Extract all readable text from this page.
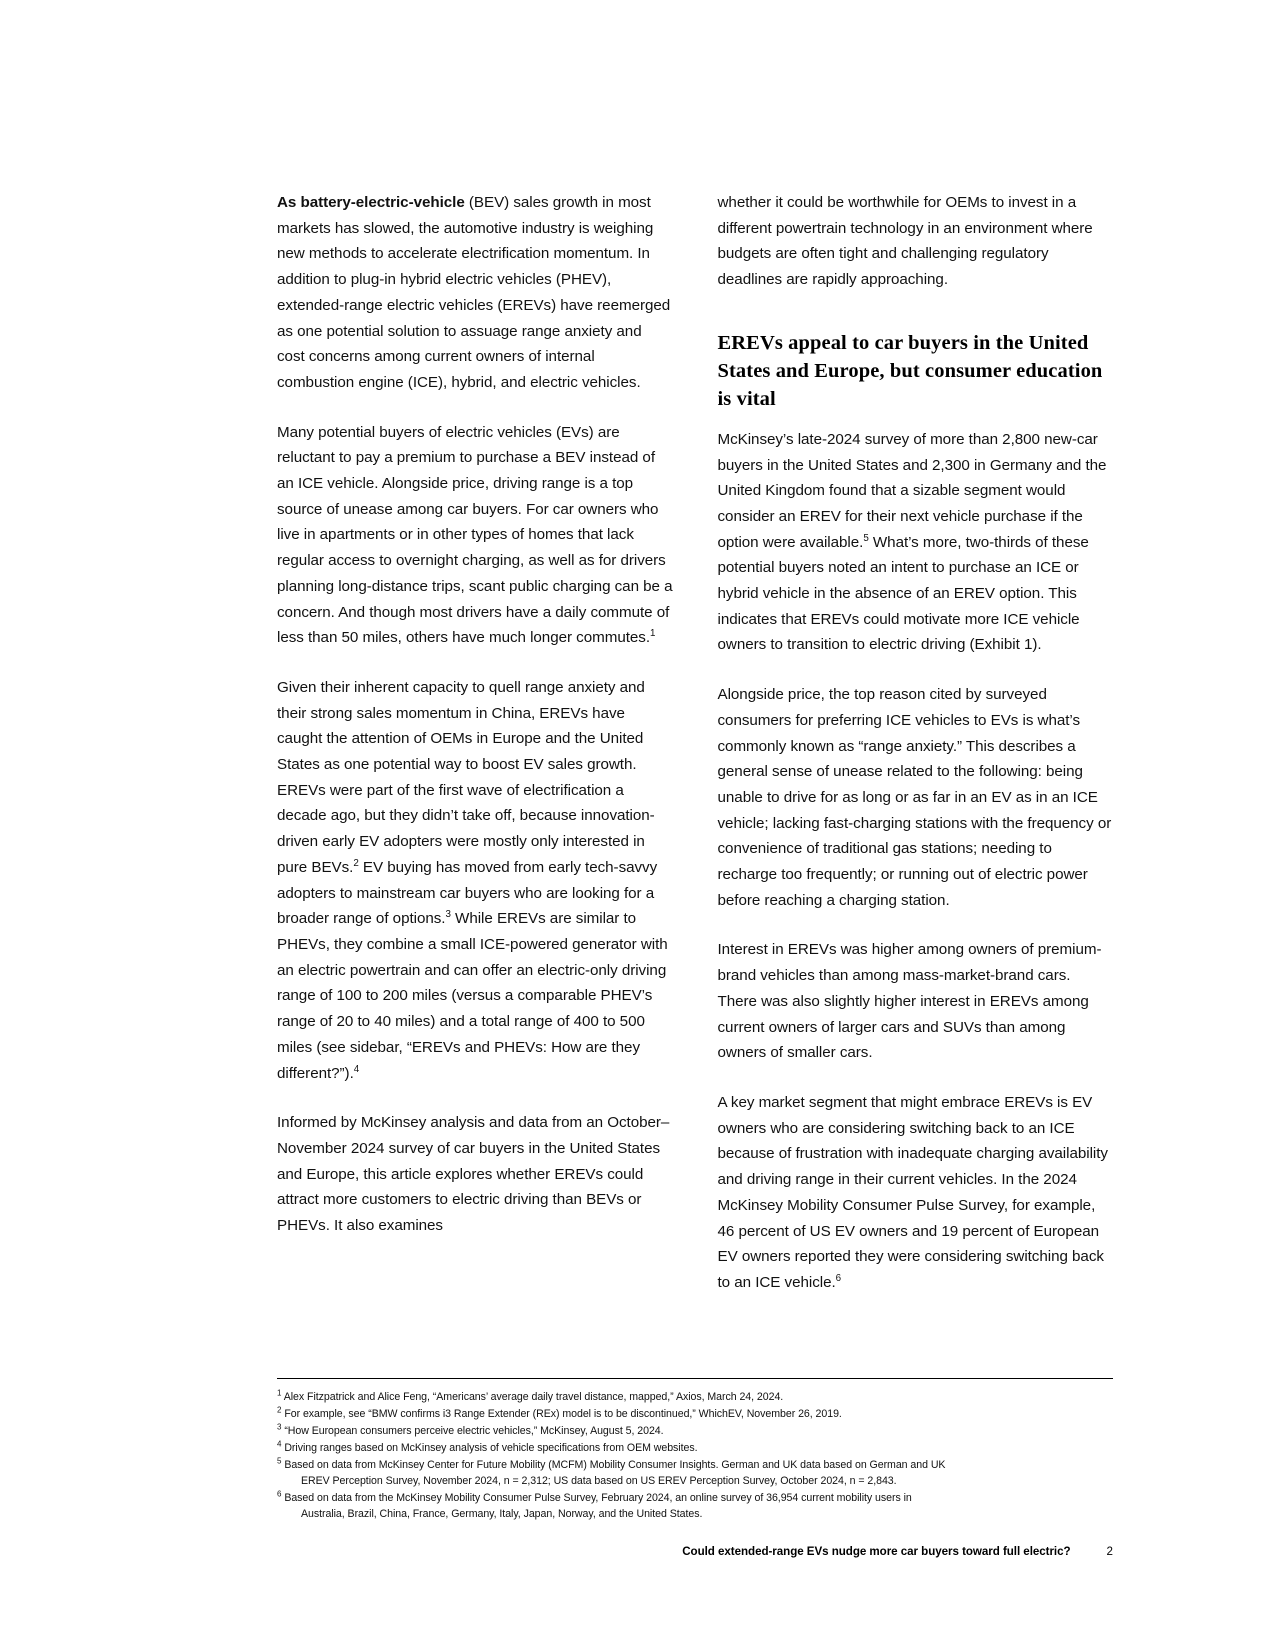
As battery-electric-vehicle (BEV) sales growth in most markets has slowed, the automotive industry is weighing new methods to accelerate electrification momentum. In addition to plug-in hybrid electric vehicles (PHEV), extended-range electric vehicles (EREVs) have reemerged as one potential solution to assuage range anxiety and cost concerns among current owners of internal combustion engine (ICE), hybrid, and electric vehicles.

Many potential buyers of electric vehicles (EVs) are reluctant to pay a premium to purchase a BEV instead of an ICE vehicle. Alongside price, driving range is a top source of unease among car buyers. For car owners who live in apartments or in other types of homes that lack regular access to overnight charging, as well as for drivers planning long-distance trips, scant public charging can be a concern. And though most drivers have a daily commute of less than 50 miles, others have much longer commutes.$^1$

Given their inherent capacity to quell range anxiety and their strong sales momentum in China, EREVs have caught the attention of OEMs in Europe and the United States as one potential way to boost EV sales growth. EREVs were part of the first wave of electrification a decade ago, but they didn’t take off, because innovation-driven early EV adopters were mostly only interested in pure BEVs.$^2$ EV buying has moved from early tech-savvy adopters to mainstream car buyers who are looking for a broader range of options.$^3$ While EREVs are similar to PHEVs, they combine a small ICE-powered generator with an electric powertrain and can offer an electric-only driving range of 100 to 200 miles (versus a comparable PHEV’s range of 20 to 40 miles) and a total range of 400 to 500 miles (see sidebar, “EREVs and PHEVs: How are they different?”).$^4$

Informed by McKinsey analysis and data from an October–November 2024 survey of car buyers in the United States and Europe, this article explores whether EREVs could attract more customers to electric driving than BEVs or PHEVs. It also examines

whether it could be worthwhile for OEMs to invest in a different powertrain technology in an environment where budgets are often tight and challenging regulatory deadlines are rapidly approaching.

EREVs appeal to car buyers in the United States and Europe, but consumer education is vital

McKinsey’s late-2024 survey of more than 2,800 new-car buyers in the United States and 2,300 in Germany and the United Kingdom found that a sizable segment would consider an EREV for their next vehicle purchase if the option were available.$^5$ What’s more, two-thirds of these potential buyers noted an intent to purchase an ICE or hybrid vehicle in the absence of an EREV option. This indicates that EREVs could motivate more ICE vehicle owners to transition to electric driving (Exhibit 1).

Alongside price, the top reason cited by surveyed consumers for preferring ICE vehicles to EVs is what’s commonly known as “range anxiety.” This describes a general sense of unease related to the following: being unable to drive for as long or as far in an EV as in an ICE vehicle; lacking fast-charging stations with the frequency or convenience of traditional gas stations; needing to recharge too frequently; or running out of electric power before reaching a charging station.

Interest in EREVs was higher among owners of premium-brand vehicles than among mass-market-brand cars. There was also slightly higher interest in EREVs among current owners of larger cars and SUVs than among owners of smaller cars.

A key market segment that might embrace EREVs is EV owners who are considering switching back to an ICE because of frustration with inadequate charging availability and driving range in their current vehicles. In the 2024 McKinsey Mobility Consumer Pulse Survey, for example, 46 percent of US EV owners and 19 percent of European EV owners reported they were considering switching back to an ICE vehicle.$^6$

$^1$ Alex Fitzpatrick and Alice Feng, “Americans’ average daily travel distance, mapped,” Axios, March 24, 2024.

$^2$ For example, see “BMW confirms i3 Range Extender (REx) model is to be discontinued,” WhichEV, November 26, 2019.

$^3$ “How European consumers perceive electric vehicles,” McKinsey, August 5, 2024.

$^4$ Driving ranges based on McKinsey analysis of vehicle specifications from OEM websites.

$^5$ Based on data from McKinsey Center for Future Mobility (MCFM) Mobility Consumer Insights. German and UK data based on German and UK
EREV Perception Survey, November 2024, n = 2,312; US data based on US EREV Perception Survey, October 2024, n = 2,843.

$^6$ Based on data from the McKinsey Mobility Consumer Pulse Survey, February 2024, an online survey of 36,954 current mobility users in
Australia, Brazil, China, France, Germany, Italy, Japan, Norway, and the United States.

Could extended-range EVs nudge more car buyers toward full electric?	2
